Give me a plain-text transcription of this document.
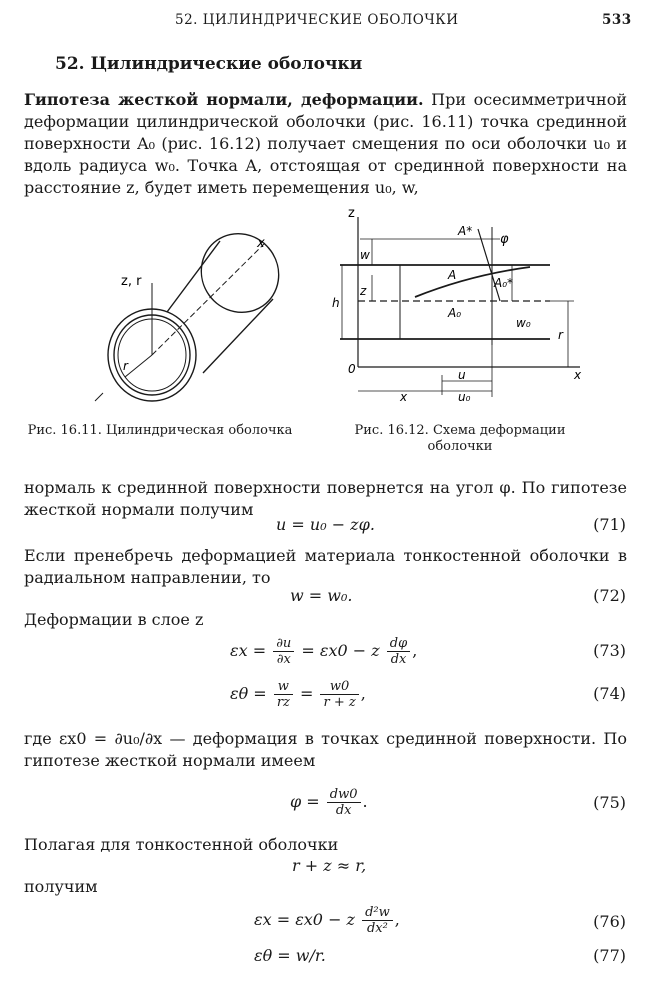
52. ЦИЛИНДРИЧЕСКИЕ ОБОЛОЧКИ	533
52. Цилиндрические оболочки
Гипотеза жесткой нормали, деформации. При осесимметричной деформации цилиндрической оболочки (рис. 16.11) точка срединной поверхности A₀ (рис. 16.12) получает смещения по оси оболочки u₀ и вдоль радиуса w₀. Точка A, отстоящая от срединной поверхности на расстояние z, будет иметь перемещения u₀, w,
x
z, r
r
Рис. 16.11. Цилиндрическая оболочка
z
A*
φ
w
A
A₀*
z
h
A₀
w₀
r
0	u
u₀
x
x
Рис. 16.12. Схема деформации оболочки
нормаль к срединной поверхности повернется на угол φ. По гипотезе жесткой нормали получим
u = u₀ − zφ.	(71)
Если пренебречь деформацией материала тонкостенной оболочки в радиальном направлении, то
w = w₀.	(72)
Деформации в слое z
$\varepsilon x = \frac{\partial u}{\partial x} = \varepsilon x0 - z \frac{d\varphi}{dx}$ ,	(73)
$\varepsilon\theta = \frac{w}{rz} = \frac{w0}{r + z}$ ,	(74)
где εx0 = ∂u₀/∂x — деформация в точках срединной поверхности. По гипотезе жесткой нормали имеем
$\varphi = \frac{dw0}{dx}$ .	(75)
Полагая для тонкостенной оболочки
r + z ≈ r,
получим
εx = εx0 − z $\frac{\text{d²w}}{\text{dx²}}$ ,	(76)
εθ = w/r.	(77)
